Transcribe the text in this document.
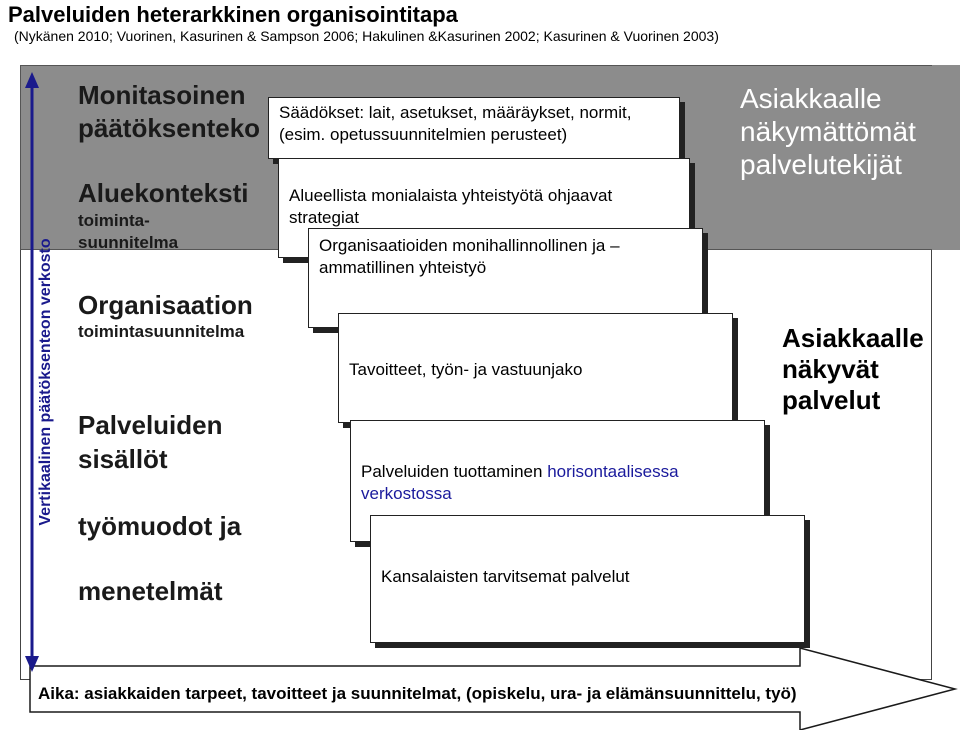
Palveluiden heterarkkinen organisointitapa
(Nykänen 2010; Vuorinen, Kasurinen & Sampson 2006; Hakulinen &Kasurinen 2002; Kasurinen & Vuorinen 2003)
Aika: asiakkaiden tarpeet, tavoitteet ja suunnitelmat, (opiskelu, ura- ja elämänsuunnittelu, työ)
Vertikaalinen päätöksenteon verkosto
Monitasoinen
päätöksenteko
Aluekonteksti
toiminta-
suunnitelma
Organisaation
toimintasuunnitelma
Palveluiden
sisällöt
työmuodot ja
menetelmät
Säädökset: lait, asetukset, määräykset, normit,
(esim. opetussuunnitelmien perusteet)
Alueellista monialaista yhteistyötä ohjaavat
strategiat
Organisaatioiden monihallinnollinen ja –
ammatillinen yhteistyö
Tavoitteet, työn- ja vastuunjako
Palveluiden tuottaminen horisontaalisessa
verkostossa
Kansalaisten tarvitsemat palvelut
Asiakkaalle
näkymättömät
palvelutekijät
Asiakkaalle
näkyvät
palvelut
